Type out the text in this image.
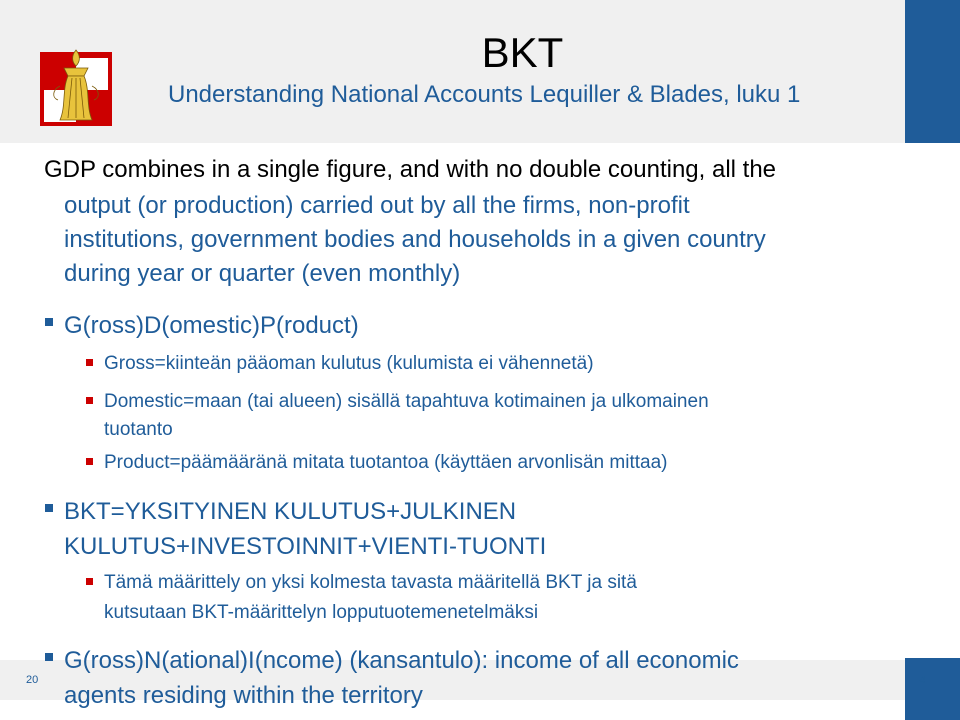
BKT
Understanding National Accounts Lequiller & Blades, luku 1
GDP combines in a single figure, and with no double counting, all the
output (or production) carried out by all the firms, non-profit
institutions, government bodies and households in a given country
during year or quarter (even monthly)
G(ross)D(omestic)P(roduct)
Gross=kiinteän pääoman kulutus (kulumista ei vähennetä)
Domestic=maan (tai alueen) sisällä tapahtuva kotimainen ja ulkomainen
tuotanto
Product=päämääränä mitata tuotantoa (käyttäen arvonlisän mittaa)
BKT=YKSITYINEN KULUTUS+JULKINEN
KULUTUS+INVESTOINNIT+VIENTI-TUONTI
Tämä määrittely on yksi kolmesta tavasta määritellä BKT ja sitä
kutsutaan BKT-määrittelyn lopputuotemenetelmäksi
20
G(ross)N(ational)I(ncome) (kansantulo): income of all economic
agents residing within the territory
4
